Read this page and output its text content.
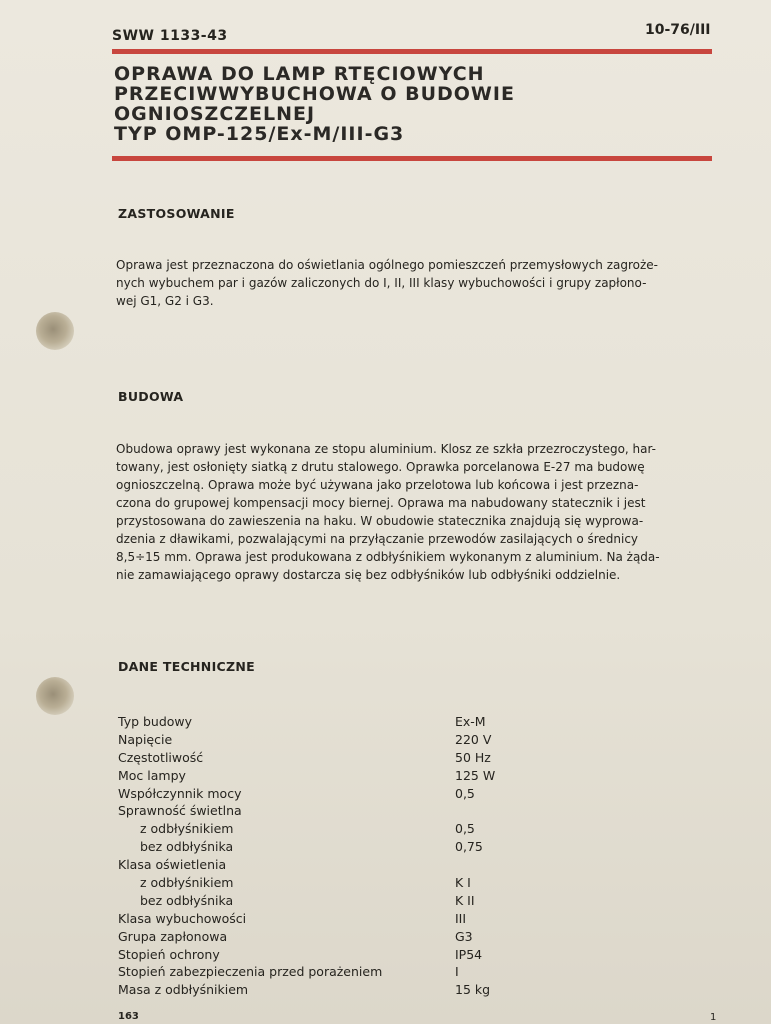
SWW 1133-43	10-76/III
OPRAWA DO LAMP RTĘCIOWYCH
PRZECIWWYBUCHOWA O BUDOWIE
OGNIOSZCZELNEJ
TYP OMP-125/Ex-M/III-G3
ZASTOSOWANIE
Oprawa jest przeznaczona do oświetlania ogólnego pomieszczeń przemysłowych zagroże-
nych wybuchem par i gazów zaliczonych do I, II, III klasy wybuchowości i grupy zapłono-
wej G1, G2 i G3.
BUDOWA
Obudowa oprawy jest wykonana ze stopu aluminium. Klosz ze szkła przezroczystego, har-
towany, jest osłonięty siatką z drutu stalowego. Oprawka porcelanowa E-27 ma budowę
ognioszczelną. Oprawa może być używana jako przelotowa lub końcowa i jest przezna-
czona do grupowej kompensacji mocy biernej. Oprawa ma nabudowany statecznik i jest
przystosowana do zawieszenia na haku. W obudowie statecznika znajdują się wyprowa-
dzenia z dławikami, pozwalającymi na przyłączanie przewodów zasilających o średnicy
8,5÷15 mm. Oprawa jest produkowana z odbłyśnikiem wykonanym z aluminium. Na żąda-
nie zamawiającego oprawy dostarcza się bez odbłyśników lub odbłyśniki oddzielnie.
DANE TECHNICZNE
Typ budowy	Ex-M
Napięcie	220 V
Częstotliwość	50 Hz
Moc lampy	125 W
Współczynnik mocy	0,5
Sprawność świetlna
z odbłyśnikiem	0,5
bez odbłyśnika	0,75
Klasa oświetlenia
z odbłyśnikiem	K I
bez odbłyśnika	K II
Klasa wybuchowości	III
Grupa zapłonowa	G3
Stopień ochrony	IP54
Stopień zabezpieczenia przed porażeniem	I
Masa z odbłyśnikiem	15 kg
163	1
